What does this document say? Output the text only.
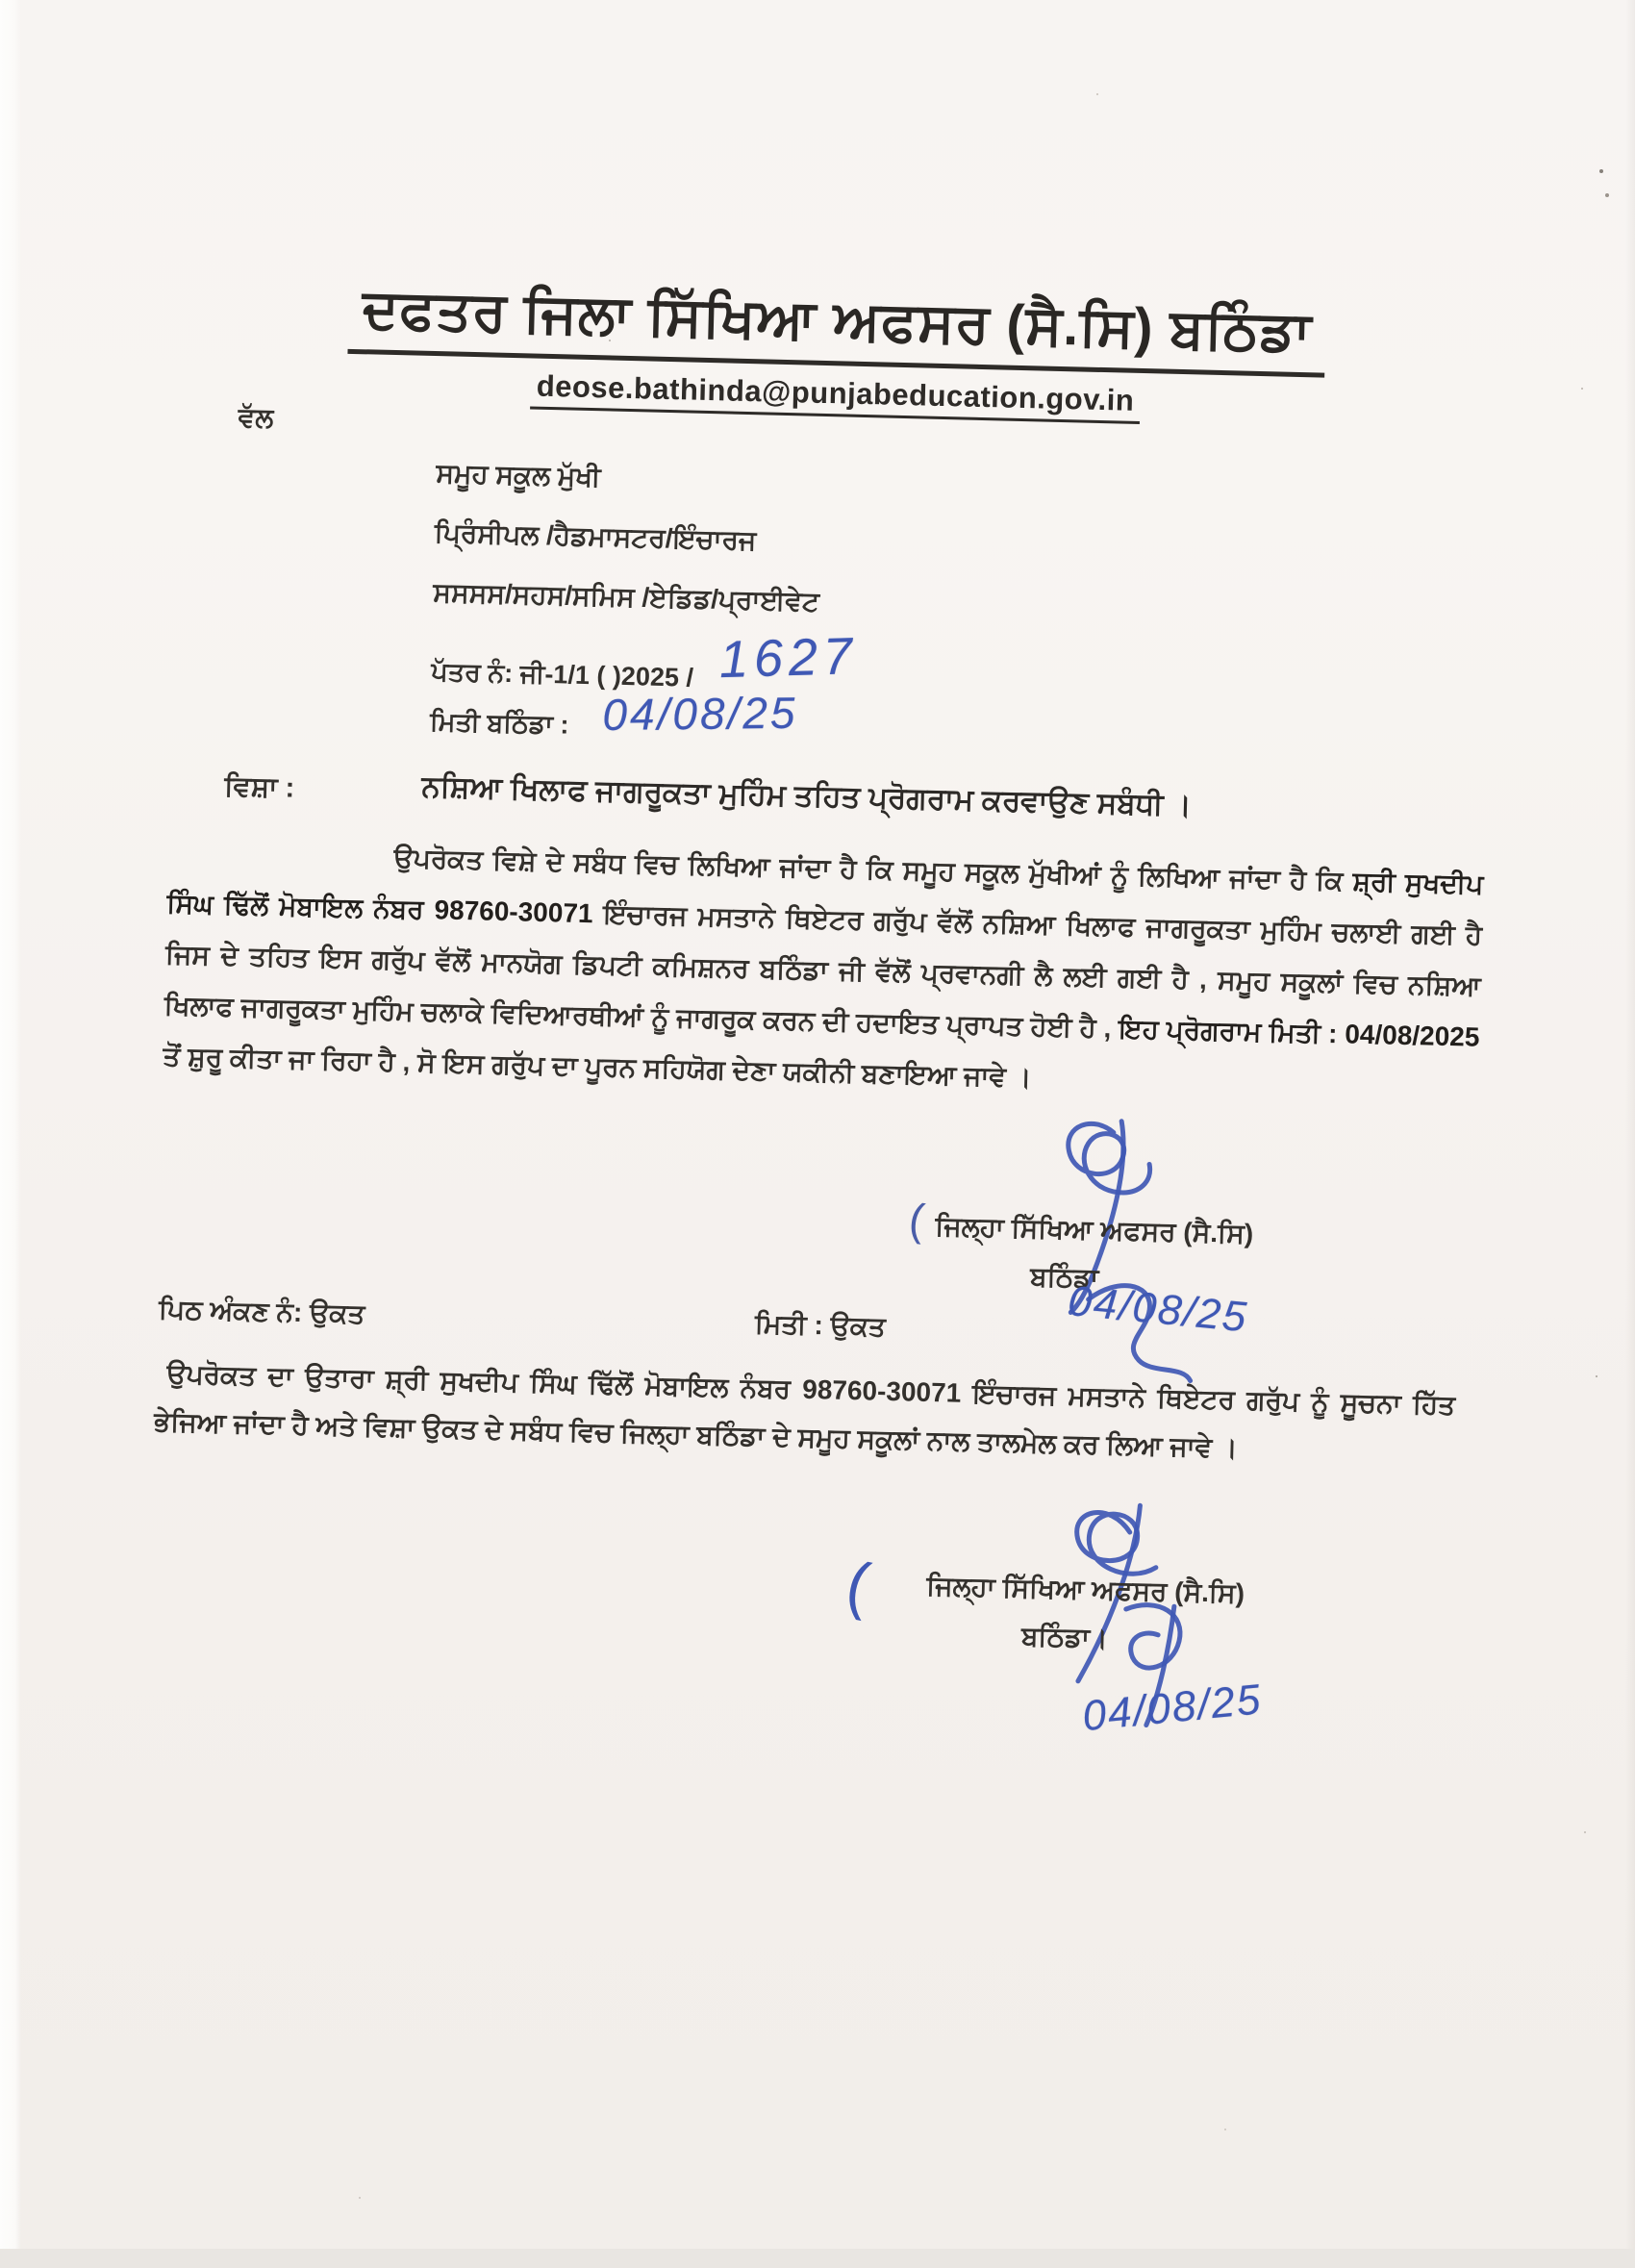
ਦਫਤਰ ਜਿਲਾ ਸਿੱਖਿਆ ਅਫਸਰ (ਸੈ.ਸਿ) ਬਠਿੰਡਾ
deose.bathinda@punjabeducation.gov.in
ਵੱਲ
ਸਮੂਹ ਸਕੂਲ ਮੁੱਖੀ
ਪ੍ਰਿੰਸੀਪਲ /ਹੈਡਮਾਸਟਰ/ਇੰਚਾਰਜ
ਸਸਸਸ/ਸਹਸ/ਸਮਿਸ /ਏਡਿਡ/ਪ੍ਰਾਈਵੇਟ
ਪੱਤਰ ਨੰ: ਜੀ-1/1 ( )2025 / 1627
ਮਿਤੀ ਬਠਿੰਡਾ : 04/08/25
ਵਿਸ਼ਾ :	ਨਸ਼ਿਆ ਖਿਲਾਫ ਜਾਗਰੂਕਤਾ ਮੁਹਿੰਮ ਤਹਿਤ ਪ੍ਰੋਗਰਾਮ ਕਰਵਾਉਣ ਸਬੰਧੀ ।
ਉਪਰੋਕਤ ਵਿਸ਼ੇ ਦੇ ਸਬੰਧ ਵਿਚ ਲਿਖਿਆ ਜਾਂਦਾ ਹੈ ਕਿ ਸਮੂਹ ਸਕੂਲ ਮੁੱਖੀਆਂ ਨੂੰ ਲਿਖਿਆ ਜਾਂਦਾ ਹੈ ਕਿ ਸ਼੍ਰੀ ਸੁਖਦੀਪ ਸਿੰਘ ਢਿੱਲੋਂ ਮੋਬਾਇਲ ਨੰਬਰ 98760-30071 ਇੰਚਾਰਜ ਮਸਤਾਨੇ ਥਿਏਟਰ ਗਰੁੱਪ ਵੱਲੋਂ ਨਸ਼ਿਆ ਖਿਲਾਫ ਜਾਗਰੂਕਤਾ ਮੁਹਿੰਮ ਚਲਾਈ ਗਈ ਹੈ ਜਿਸ ਦੇ ਤਹਿਤ ਇਸ ਗਰੁੱਪ ਵੱਲੋਂ ਮਾਨਯੋਗ ਡਿਪਟੀ ਕਮਿਸ਼ਨਰ ਬਠਿੰਡਾ ਜੀ ਵੱਲੋਂ ਪ੍ਰਵਾਨਗੀ ਲੈ ਲਈ ਗਈ ਹੈ , ਸਮੂਹ ਸਕੂਲਾਂ ਵਿਚ ਨਸ਼ਿਆ ਖਿਲਾਫ ਜਾਗਰੂਕਤਾ ਮੁਹਿੰਮ ਚਲਾਕੇ ਵਿਦਿਆਰਥੀਆਂ ਨੂੰ ਜਾਗਰੂਕ ਕਰਨ ਦੀ ਹਦਾਇਤ ਪ੍ਰਾਪਤ ਹੋਈ ਹੈ , ਇਹ ਪ੍ਰੋਗਰਾਮ ਮਿਤੀ : 04/08/2025 ਤੋਂ ਸ਼ੁਰੂ ਕੀਤਾ ਜਾ ਰਿਹਾ ਹੈ , ਸੋ ਇਸ ਗਰੁੱਪ ਦਾ ਪੂਰਨ ਸਹਿਯੋਗ ਦੇਣਾ ਯਕੀਨੀ ਬਣਾਇਆ ਜਾਵੇ ।
( ਜਿਲ੍ਹਾ ਸਿੱਖਿਆ ਅਫਸਰ (ਸੈ.ਸਿ)
ਬਠਿੰਡਾ
04/08/25
ਪਿਠ ਅੰਕਣ ਨੰ: ਉਕਤ	ਮਿਤੀ : ਉਕਤ
ਉਪਰੋਕਤ ਦਾ ਉਤਾਰਾ ਸ਼੍ਰੀ ਸੁਖਦੀਪ ਸਿੰਘ ਢਿੱਲੋਂ ਮੋਬਾਇਲ ਨੰਬਰ 98760-30071 ਇੰਚਾਰਜ ਮਸਤਾਨੇ ਥਿਏਟਰ ਗਰੁੱਪ ਨੂੰ ਸੂਚਨਾ ਹਿੱਤ ਭੇਜਿਆ ਜਾਂਦਾ ਹੈ ਅਤੇ ਵਿਸ਼ਾ ਉਕਤ ਦੇ ਸਬੰਧ ਵਿਚ ਜਿਲ੍ਹਾ ਬਠਿੰਡਾ ਦੇ ਸਮੂਹ ਸਕੂਲਾਂ ਨਾਲ ਤਾਲਮੇਲ ਕਰ ਲਿਆ ਜਾਵੇ ।
( ਜਿਲ੍ਹਾ ਸਿੱਖਿਆ ਅਫਸਰ (ਸੈ.ਸਿ)
ਬਠਿੰਡਾ।
04/08/25
